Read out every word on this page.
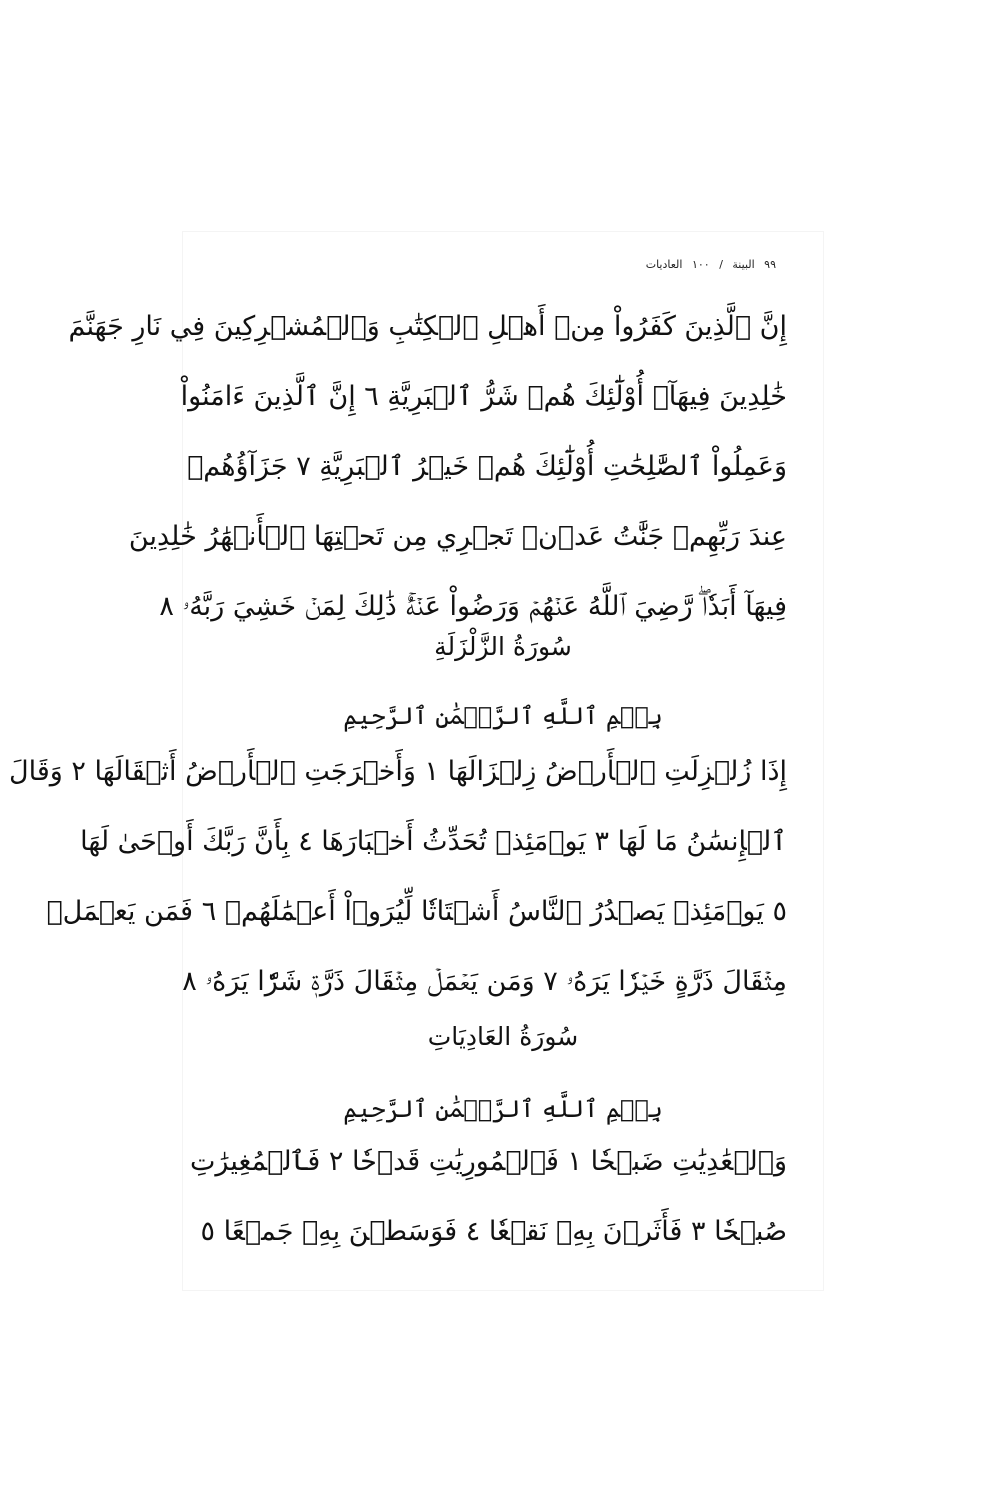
٩٩ البينة / ١٠٠ العاديات
إِنَّ ٱلَّذِينَ كَفَرُواْ مِنۡ أَهۡلِ ٱلۡكِتَٰبِ وَٱلۡمُشۡرِكِينَ فِي نَارِ جَهَنَّمَ
خَٰلِدِينَ فِيهَآۚ أُوْلَٰٓئِكَ هُمۡ شَرُّ ٱلۡبَرِيَّةِ ٦ إِنَّ ٱلَّذِينَ ءَامَنُواْ
وَعَمِلُواْ ٱلصَّٰلِحَٰتِ أُوْلَٰٓئِكَ هُمۡ خَيۡرُ ٱلۡبَرِيَّةِ ٧ جَزَآؤُهُمۡ
عِندَ رَبِّهِمۡ جَنَّٰتُ عَدۡنٖ تَجۡرِي مِن تَحۡتِهَا ٱلۡأَنۡهَٰرُ خَٰلِدِينَ
فِيهَآ أَبَدٗاۖ رَّضِيَ ٱللَّهُ عَنۡهُمۡ وَرَضُواْ عَنۡهُۚ ذَٰلِكَ لِمَنۡ خَشِيَ رَبَّهُۥ ٨
سُورَةُ الزَّلْزَلَةِ
بِسۡمِ ٱللَّهِ ٱلرَّحۡمَٰنِ ٱلرَّحِيمِ
إِذَا زُلۡزِلَتِ ٱلۡأَرۡضُ زِلۡزَالَهَا ١ وَأَخۡرَجَتِ ٱلۡأَرۡضُ أَثۡقَالَهَا ٢ وَقَالَ
ٱلۡإِنسَٰنُ مَا لَهَا ٣ يَوۡمَئِذٖ تُحَدِّثُ أَخۡبَارَهَا ٤ بِأَنَّ رَبَّكَ أَوۡحَىٰ لَهَا
٥ يَوۡمَئِذٖ يَصۡدُرُ ٱلنَّاسُ أَشۡتَاتٗا لِّيُرَوۡاْ أَعۡمَٰلَهُمۡ ٦ فَمَن يَعۡمَلۡ
مِثۡقَالَ ذَرَّةٍ خَيۡرٗا يَرَهُۥ ٧ وَمَن يَعۡمَلۡ مِثۡقَالَ ذَرَّةٖ شَرّٗا يَرَهُۥ ٨
سُورَةُ العَادِيَاتِ
بِسۡمِ ٱللَّهِ ٱلرَّحۡمَٰنِ ٱلرَّحِيمِ
وَٱلۡعَٰدِيَٰتِ ضَبۡحٗا ١ فَٱلۡمُورِيَٰتِ قَدۡحٗا ٢ فَٱلۡمُغِيرَٰتِ
صُبۡحٗا ٣ فَأَثَرۡنَ بِهِۦ نَقۡعٗا ٤ فَوَسَطۡنَ بِهِۦ جَمۡعًا ٥
